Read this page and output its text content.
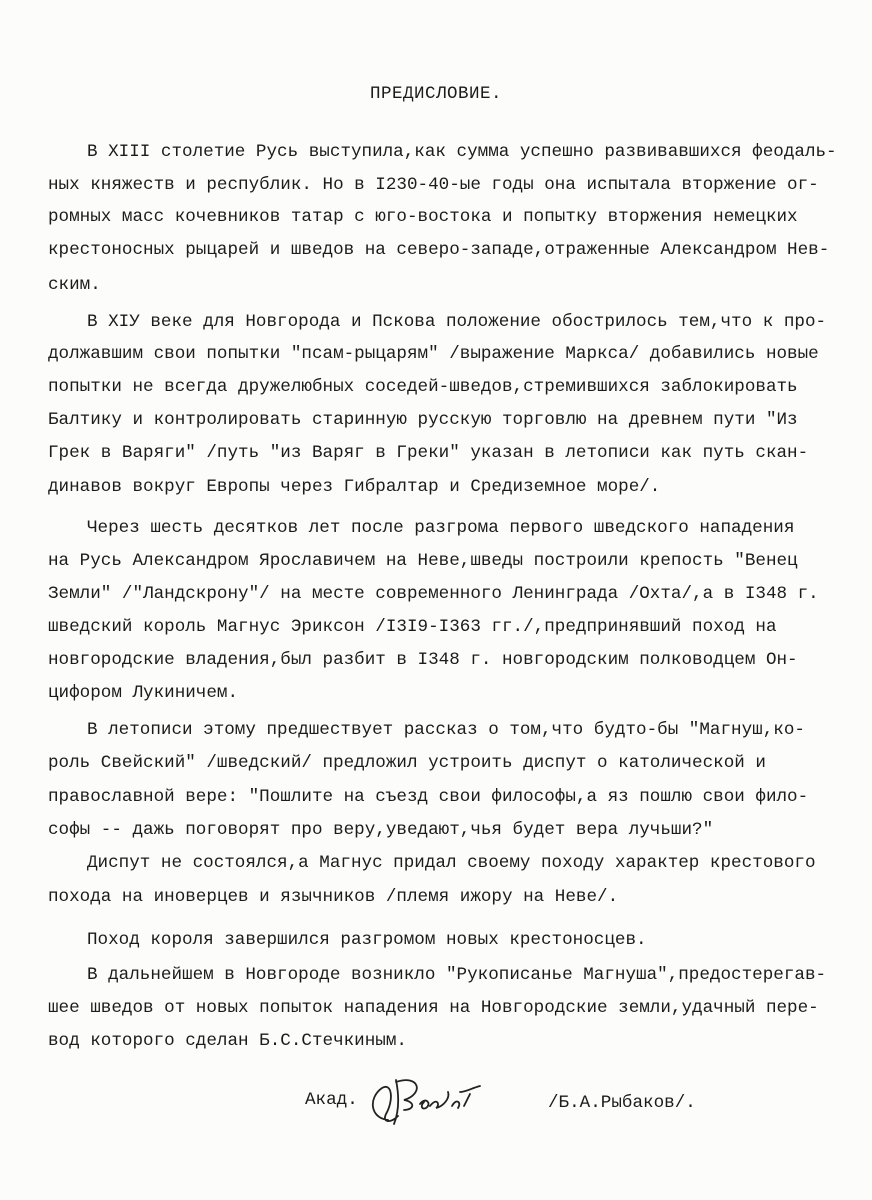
ПРЕДИСЛОВИЕ.
В XIII столетие Русь выступила,как сумма успешно развивавшихся феодаль-
ных княжеств и республик. Но в I230-40-ые годы она испытала вторжение ог-
ромных масс кочевников татар с юго-востока и попытку вторжения немецких
крестоносных рыцарей и шведов на северо-западе,отраженные Александром Нев-
ским.
В XIУ веке для Новгорода и Пскова положение обострилось тем,что к про-
должавшим свои попытки "псам-рыцарям" /выражение Маркса/ добавились новые
попытки не всегда дружелюбных соседей-шведов,стремившихся заблокировать
Балтику и контролировать старинную русскую торговлю на древнем пути "Из
Грек в Варяги" /путь "из Варяг в Греки" указан в летописи как путь скан-
динавов вокруг Европы через Гибралтар и Средиземное море/.
Через шесть десятков лет после разгрома первого шведского нападения
на Русь Александром Ярославичем на Неве,шведы построили крепость "Венец
Земли" /"Ландскрону"/ на месте современного Ленинграда /Охта/,а в I348 г.
шведский король Магнус Эриксон /I3I9-I363 гг./,предпринявший поход на
новгородские владения,был разбит в I348 г. новгородским полководцем Он-
цифором Лукиничем.
В летописи этому предшествует рассказ о том,что будто-бы "Магнуш,ко-
роль Свейский" /шведский/ предложил устроить диспут о католической и
православной вере: "Пошлите на съезд свои философы,а яз пошлю свои фило-
софы -- дажь поговорят про веру,уведают,чья будет вера лучьши?"
Диспут не состоялся,а Магнус придал своему походу характер крестового
похода на иноверцев и язычников /племя ижору на Неве/.
Поход короля завершился разгромом новых крестоносцев.
В дальнейшем в Новгороде возникло "Рукописанье Магнуша",предостерегав-
шее шведов от новых попыток нападения на Новгородские земли,удачный пере-
вод которого сделан Б.С.Стечкиным.
Акад.	/Б.А.Рыбаков/.
